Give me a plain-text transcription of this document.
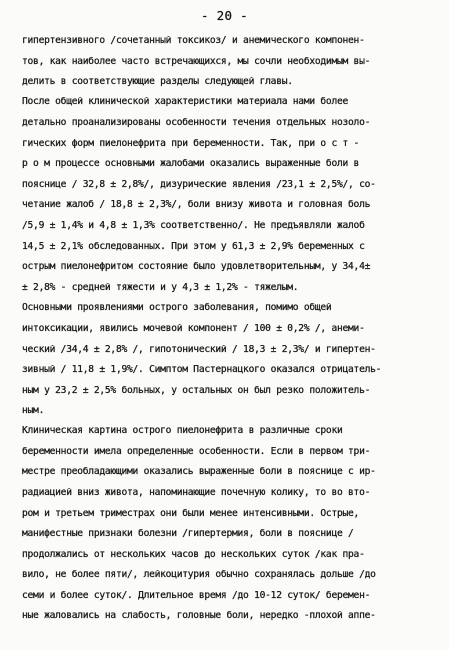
- 20 -
гипертензивного /сочетанный токсикоз/ и анемического компонен-
тов, как наиболее часто встречающихся, мы сочли необходимым вы-
делить в соответствующие разделы следующей главы.
После общей клинической характеристики материала нами более
детально проанализированы особенности течения отдельных нозоло-
гических форм пиелонефрита при беременности. Так, при о с т -
р о м процессе основными жалобами оказались выраженные боли в
пояснице / 32,8 ± 2,8%/, дизурические явления /23,1 ± 2,5%/, со-
четание жалоб / 18,8 ± 2,3%/, боли внизу живота и головная боль
/5,9 ± 1,4% и 4,8 ± 1,3% соответственно/. Не предъявляли жалоб
14,5 ± 2,1% обследованных. При этом у 61,3 ± 2,9% беременных с
острым пиелонефритом состояние было удовлетворительным, у 34,4±
± 2,8% - средней тяжести и у 4,3 ± 1,2% - тяжелым.
Основными проявлениями острого заболевания, помимо общей
интоксикации, явились мочевой компонент / 100 ± 0,2% /, анеми-
ческий /34,4 ± 2,8% /, гипотонический / 18,3 ± 2,3%/ и гипертен-
зивный / 11,8 ± 1,9%/. Симптом Пастернацкого оказался отрицатель-
ным у 23,2 ± 2,5% больных, у остальных он был резко положитель-
ным.
Клиническая картина острого пиелонефрита в различные сроки
беременности имела определенные особенности. Если в первом три-
местре преобладающими оказались выраженные боли в пояснице с ир-
радиацией вниз живота, напоминающие почечную колику, то во вто-
ром и третьем триместрах они были менее интенсивными. Острые,
манифестные признаки болезни /гипертермия, боли в пояснице /
продолжались от нескольких часов до нескольких суток /как пра-
вило, не более пяти/, лейкоцитурия обычно сохранялась дольше /до
семи и более суток/. Длительное время /до 10-12 суток/ беремен-
ные жаловались на слабость, головные боли, нередко -плохой аппе-
